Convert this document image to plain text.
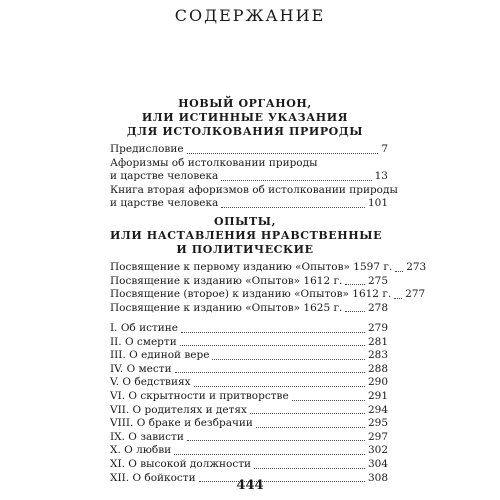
СОДЕРЖАНИЕ
НОВЫЙ ОРГАНОН,
ИЛИ ИСТИННЫЕ УКАЗАНИЯ
ДЛЯ ИСТОЛКОВАНИЯ ПРИРОДЫ
Предисловие	7
Афоризмы об истолковании природы
и царстве человека	13
Книга вторая афоризмов об истолковании природы
и царстве человека	101
ОПЫТЫ,
ИЛИ НАСТАВЛЕНИЯ НРАВСТВЕННЫЕ
И ПОЛИТИЧЕСКИЕ
Посвящение к первому изданию «Опытов» 1597 г. 273
Посвящение к изданию «Опытов» 1612 г. 275
Посвящение (второе) к изданию «Опытов» 1612 г. 277
Посвящение к изданию «Опытов» 1625 г. 278
I. Об истине	279
II. О смерти	281
III. О единой вере	283
IV. О мести	288
V. О бедствиях	290
VI. О скрытности и притворстве	291
VII. О родителях и детях	294
VIII. О браке и безбрачии	295
IX. О зависти	297
X. О любви	302
XI. О высокой должности	304
XII. О бойкости	308
444
